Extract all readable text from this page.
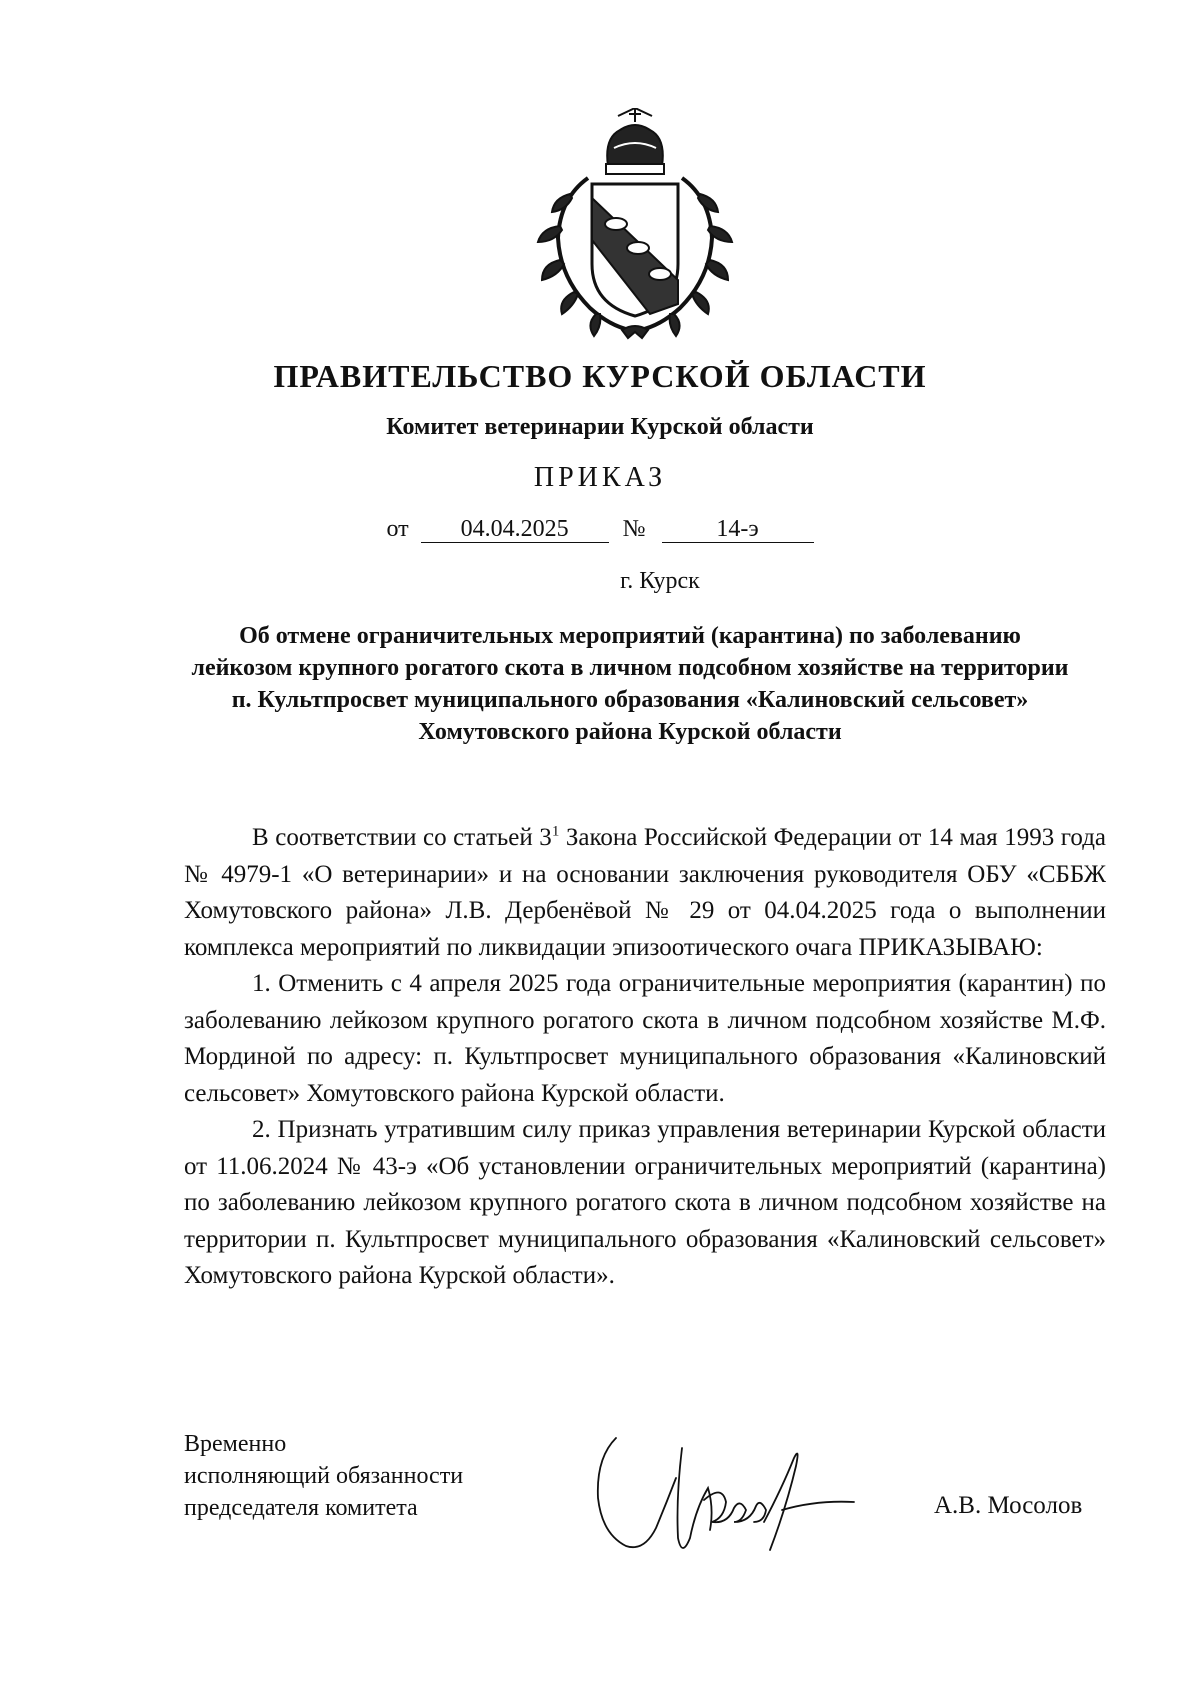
ПРАВИТЕЛЬСТВО КУРСКОЙ ОБЛАСТИ
Комитет ветеринарии Курской области
ПРИКАЗ
от 04.04.2025 №	14-э
г. Курск
Об отмене ограничительных мероприятий (карантина) по заболеванию лейкозом крупного рогатого скота в личном подсобном хозяйстве на территории п. Культпросвет муниципального образования «Калиновский сельсовет» Хомутовского района Курской области

В соответствии со статьей $3^1$ Закона Российской Федерации от 14 мая 1993 года № 4979-1 «О ветеринарии» и на основании заключения руководителя ОБУ «СББЖ Хомутовского района» Л.В. Дербенёвой № 29 от 04.04.2025 года о выполнении комплекса мероприятий по ликвидации эпизоотического очага ПРИКАЗЫВАЮ:

1. Отменить с 4 апреля 2025 года ограничительные мероприятия (карантин) по заболеванию лейкозом крупного рогатого скота в личном подсобном хозяйстве М.Ф. Мординой по адресу: п. Культпросвет муниципального образования «Калиновский сельсовет» Хомутовского района Курской области.

2. Признать утратившим силу приказ управления ветеринарии Курской области от 11.06.2024 № 43-э «Об установлении ограничительных мероприятий (карантина) по заболеванию лейкозом крупного рогатого скота в личном подсобном хозяйстве на территории п. Культпросвет муниципального образования «Калиновский сельсовет» Хомутовского района Курской области».

Временно
исполняющий обязанности
председателя комитета	А.В. Мосолов
